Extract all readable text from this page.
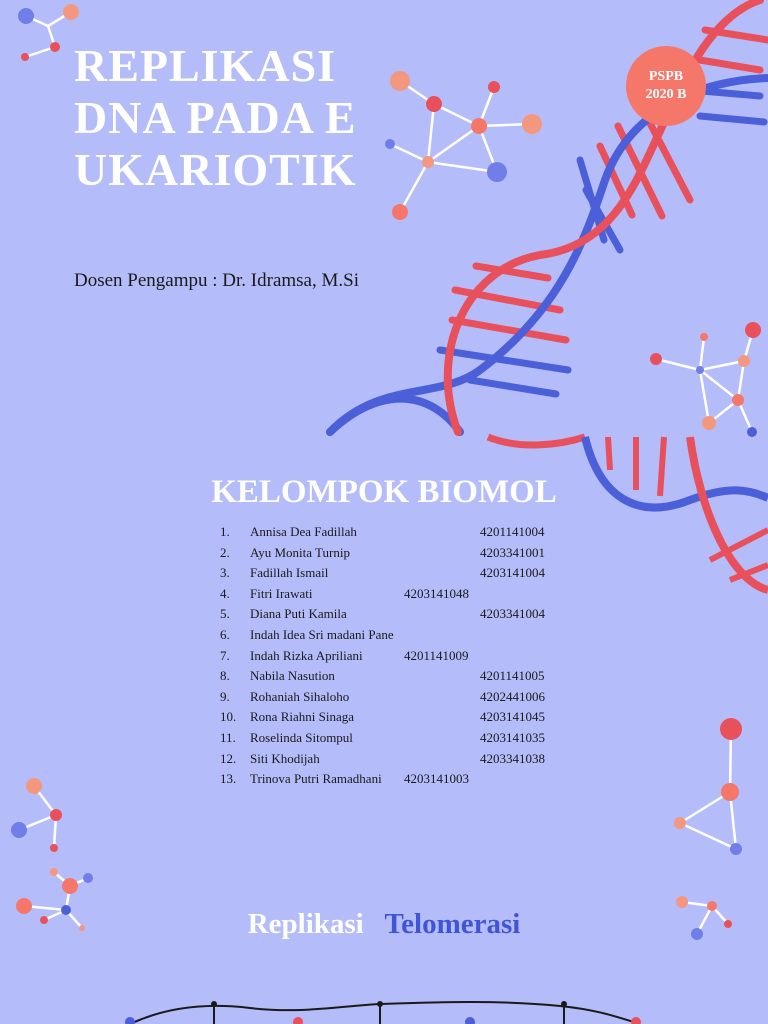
REPLIKASI DNA PADA EUKARIOTIK
Dosen Pengampu : Dr. Idramsa, M.Si
PSPB
2020 B
KELOMPOK BIOMOL
1. Annisa Dea Fadillah	4201141004
2. Ayu Monita Turnip	4203341001
3. Fadillah Ismail	4203141004
4. Fitri Irawati	4203141048
5. Diana Puti Kamila	4203341004
6. Indah Idea Sri madani Pane
7. Indah Rizka Apriliani	4201141009
8. Nabila Nasution	4201141005
9. Rohaniah Sihaloho	4202441006
10. Rona Riahni Sinaga	4203141045
11. Roselinda Sitompul	4203141035
12. Siti Khodijah	4203341038
13. Trinova Putri Ramadhani 4203141003
Replikasi Telomerasi
